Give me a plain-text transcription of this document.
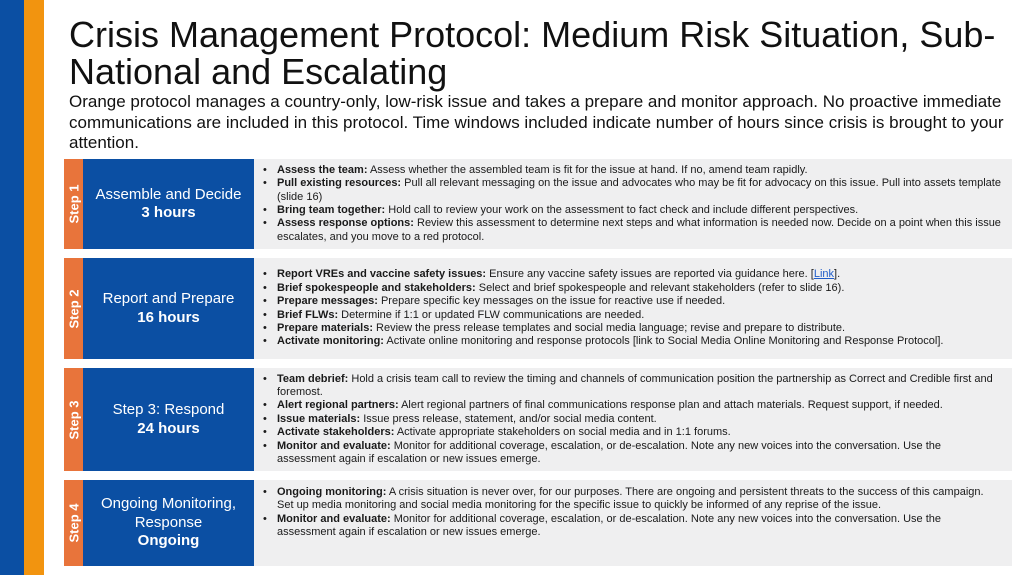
Crisis Management Protocol: Medium Risk Situation, Sub-National and Escalating

Orange protocol manages a country-only, low-risk issue and takes a prepare and monitor approach. No proactive immediate communications are included in this protocol. Time windows included indicate number of hours since crisis is brought to your attention.

Step 1 Assemble and Decide
3 hours
• Assess the team: Assess whether the assembled team is fit for the issue at hand. If no, amend team rapidly.
• Pull existing resources: Pull all relevant messaging on the issue and advocates who may be fit for advocacy on this issue. Pull into assets template (slide 16)
• Bring team together: Hold call to review your work on the assessment to fact check and include different perspectives.
• Assess response options: Review this assessment to determine next steps and what information is needed now. Decide on a point when this issue escalates, and you move to a red protocol.
Step 2 Report and Prepare
16 hours
• Report VREs and vaccine safety issues: Ensure any vaccine safety issues are reported via guidance here. [Link].
• Brief spokespeople and stakeholders: Select and brief spokespeople and relevant stakeholders (refer to slide 16).
• Prepare messages: Prepare specific key messages on the issue for reactive use if needed.
• Brief FLWs: Determine if 1:1 or updated FLW communications are needed.
• Prepare materials: Review the press release templates and social media language; revise and prepare to distribute.
• Activate monitoring: Activate online monitoring and response protocols [link to Social Media Online Monitoring and Response Protocol].
Step 3 Step 3: Respond
24 hours
• Team debrief: Hold a crisis team call to review the timing and channels of communication position the partnership as Correct and Credible first and foremost.
• Alert regional partners: Alert regional partners of final communications response plan and attach materials. Request support, if needed.
• Issue materials: Issue press release, statement, and/or social media content.
• Activate stakeholders: Activate appropriate stakeholders on social media and in 1:1 forums.
• Monitor and evaluate: Monitor for additional coverage, escalation, or de-escalation. Note any new voices into the conversation. Use the assessment again if escalation or new issues emerge.
Step 4	Ongoing Monitoring, Response
Ongoing
• Ongoing monitoring: A crisis situation is never over, for our purposes. There are ongoing and persistent threats to the success of this campaign. Set up media monitoring and social media monitoring for the specific issue to quickly be informed of any reprise of the issue.
• Monitor and evaluate: Monitor for additional coverage, escalation, or de-escalation. Note any new voices into the conversation. Use the assessment again if escalation or new issues emerge.
